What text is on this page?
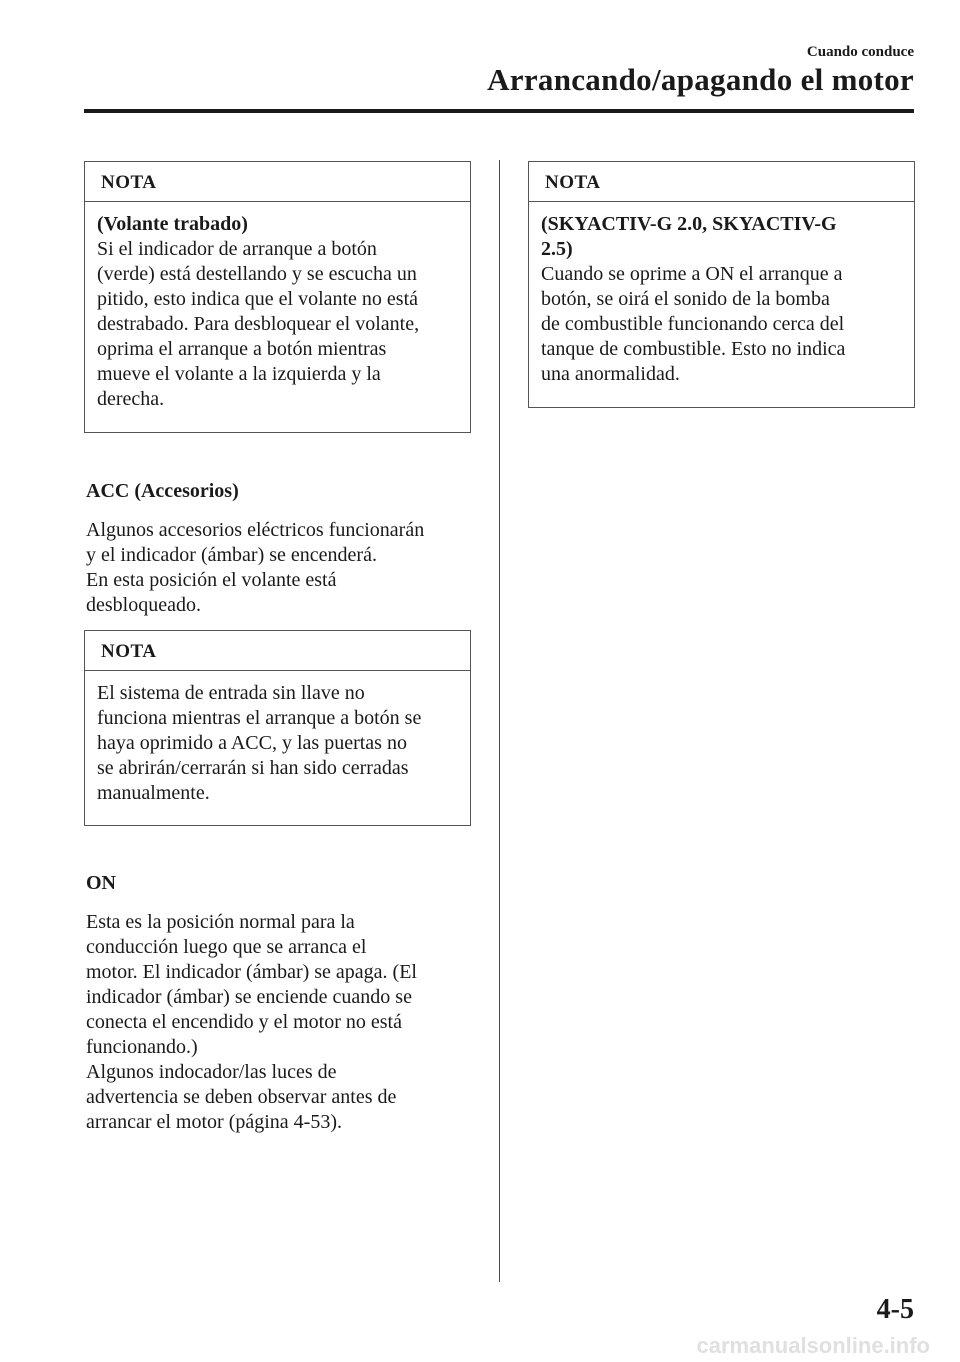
Cuando conduce
Arrancando/apagando el motor
NOTA
(Volante trabado)
Si el indicador de arranque a botón
(verde) está destellando y se escucha un
pitido, esto indica que el volante no está
destrabado. Para desbloquear el volante,
oprima el arranque a botón mientras
mueve el volante a la izquierda y la
derecha.
ACC (Accesorios)
Algunos accesorios eléctricos funcionarán
y el indicador (ámbar) se encenderá.
En esta posición el volante está
desbloqueado.
NOTA
El sistema de entrada sin llave no
funciona mientras el arranque a botón se
haya oprimido a ACC, y las puertas no
se abrirán/cerrarán si han sido cerradas
manualmente.
ON
Esta es la posición normal para la
conducción luego que se arranca el
motor. El indicador (ámbar) se apaga. (El
indicador (ámbar) se enciende cuando se
conecta el encendido y el motor no está
funcionando.)
Algunos indocador/las luces de
advertencia se deben observar antes de
arrancar el motor (página 4-53).
NOTA
(SKYACTIV-G 2.0, SKYACTIV-G
2.5)
Cuando se oprime a ON el arranque a
botón, se oirá el sonido de la bomba
de combustible funcionando cerca del
tanque de combustible. Esto no indica
una anormalidad.
4-5
carmanualsonline.info
